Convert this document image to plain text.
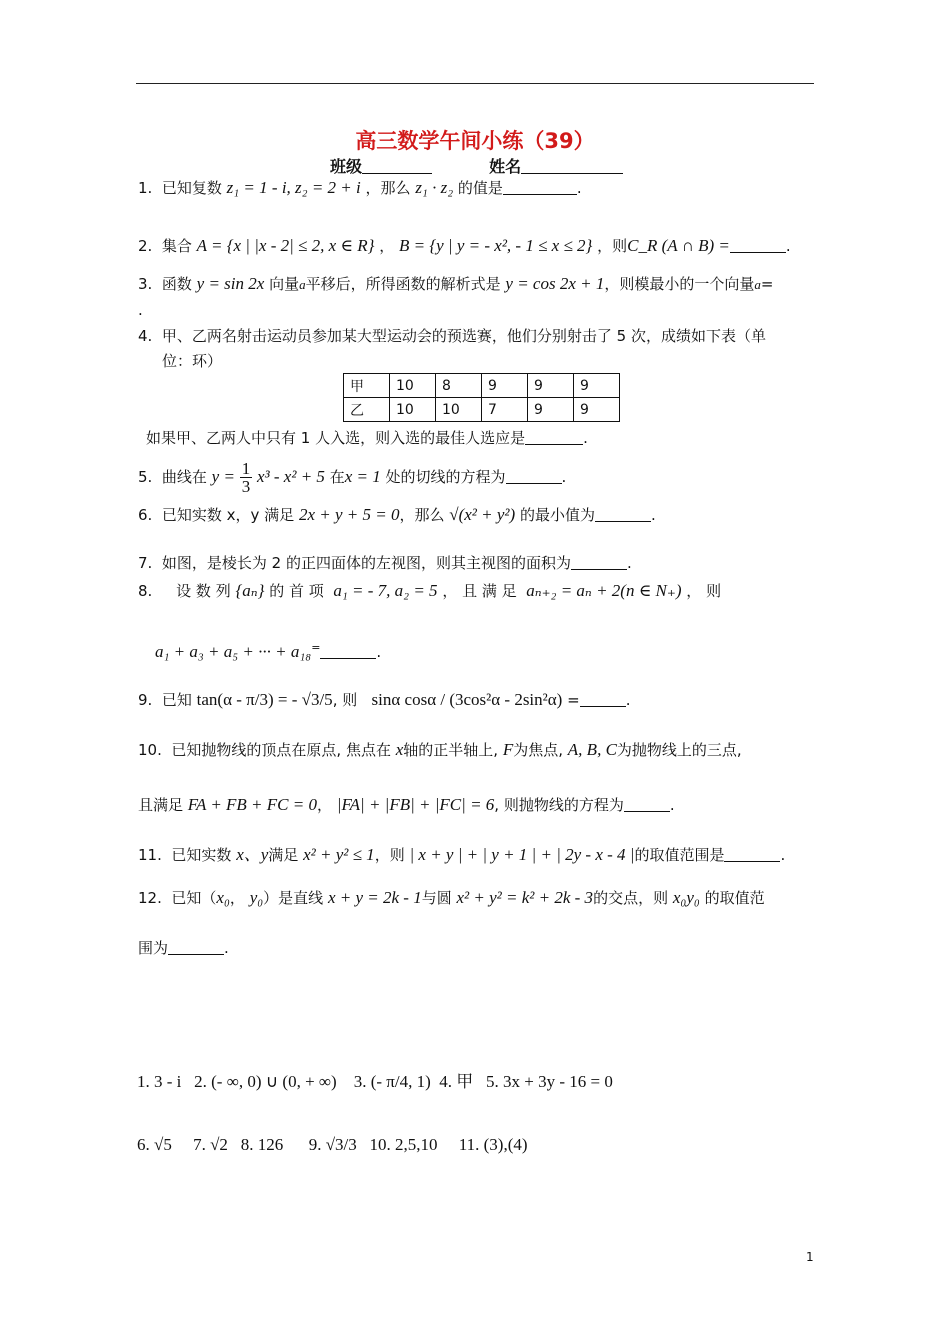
高三数学午间小练（39）
班级	姓名
1. 已知复数 z₁ = 1 - i, z₂ = 2 + i ，那么 z₁ · z₂ 的值是	.
2. 集合 A = {x | |x - 2| ≤ 2, x ∈ R} ， B = {y | y = - x², - 1 ≤ x ≤ 2} ，则C_R (A ∩ B) =	.
3. 函数 y = sin 2x 向量a平移后，所得函数的解析式是 y = cos 2x + 1，则模最小的一个向量a=
.
4. 甲、乙两名射击运动员参加某大型运动会的预选赛，他们分别射击了 5 次，成绩如下表（单
位：环）
甲	10	8	9	9	9
乙	10	10	7	9	9
如果甲、乙两人中只有 1 人入选，则入选的最佳人选应是	.
5. 曲线在 $y = \frac{1}{3} x^3 - x^2 + 5$ 在x = 1 处的切线的方程为	.
6. 已知实数 x，y 满足 2x + y + 5 = 0，那么 √(x² + y²) 的最小值为	.
7. 如图，是棱长为 2 的正四面体的左视图，则其主视图的面积为	.
8. 设 数 列 {aₙ} 的 首 项 a₁ = - 7, a₂ = 5 ， 且 满 足 aₙ₊₂ = aₙ + 2(n ∈ N₊) ， 则
a₁ + a₃ + a₅ + ··· + a₁₈=	.
9. 已知 tan(α - π/3) = - √3/5, 则 sinα cosα / (3cos²α - 2sin²α) =	.
10. 已知抛物线的顶点在原点, 焦点在 x轴的正半轴上, F为焦点, A, B, C为抛物线上的三点,
且满足 FA + FB + FC = 0， |FA| + |FB| + |FC| = 6, 则抛物线的方程为	.
11. 已知实数 x、y满足 x² + y² ≤ 1，则 | x + y | + | y + 1 | + | 2y - x - 4 |的取值范围是	.
12. 已知（x₀， y₀）是直线 x + y = 2k - 1与圆 x² + y² = k² + 2k - 3的交点，则 x₀y₀ 的取值范
围为	.
1. 3 - i 2. (- ∞, 0) ∪ (0, + ∞) 3. (- π/4, 1) 4. 甲 5. 3x + 3y - 16 = 0
6. √5 7. √2 8. 126 9. √3/3 10. 2,5,10 11. (3),(4)
1
